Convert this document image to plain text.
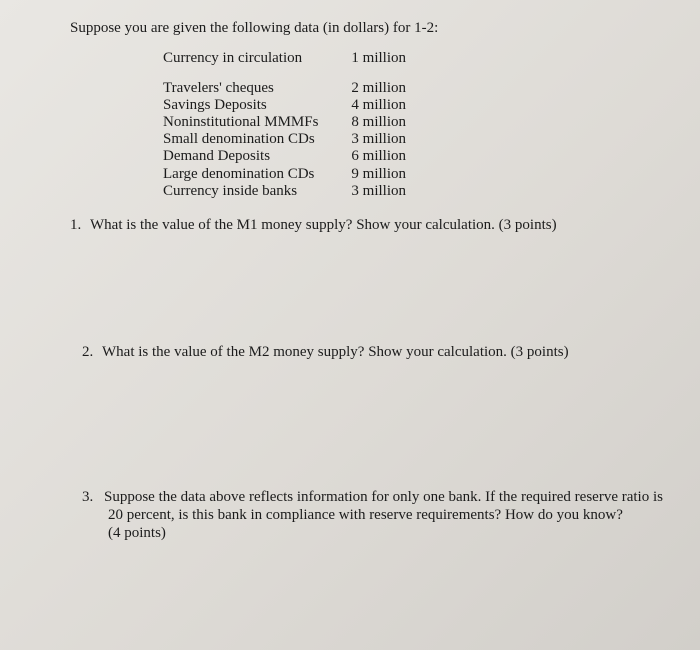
Suppose you are given the following data (in dollars) for 1-2:
Currency in circulation	1 million
Travelers' cheques	2 million
Savings Deposits	4 million
Noninstitutional MMMFs	8 million
Small denomination CDs	3 million
Demand Deposits	6 million
Large denomination CDs	9 million
Currency inside banks	3 million
1. What is the value of the M1 money supply? Show your calculation. (3 points)
2. What is the value of the M2 money supply? Show your calculation. (3 points)
3. Suppose the data above reflects information for only one bank. If the required reserve ratio is
20 percent, is this bank in compliance with reserve requirements? How do you know?
(4 points)
